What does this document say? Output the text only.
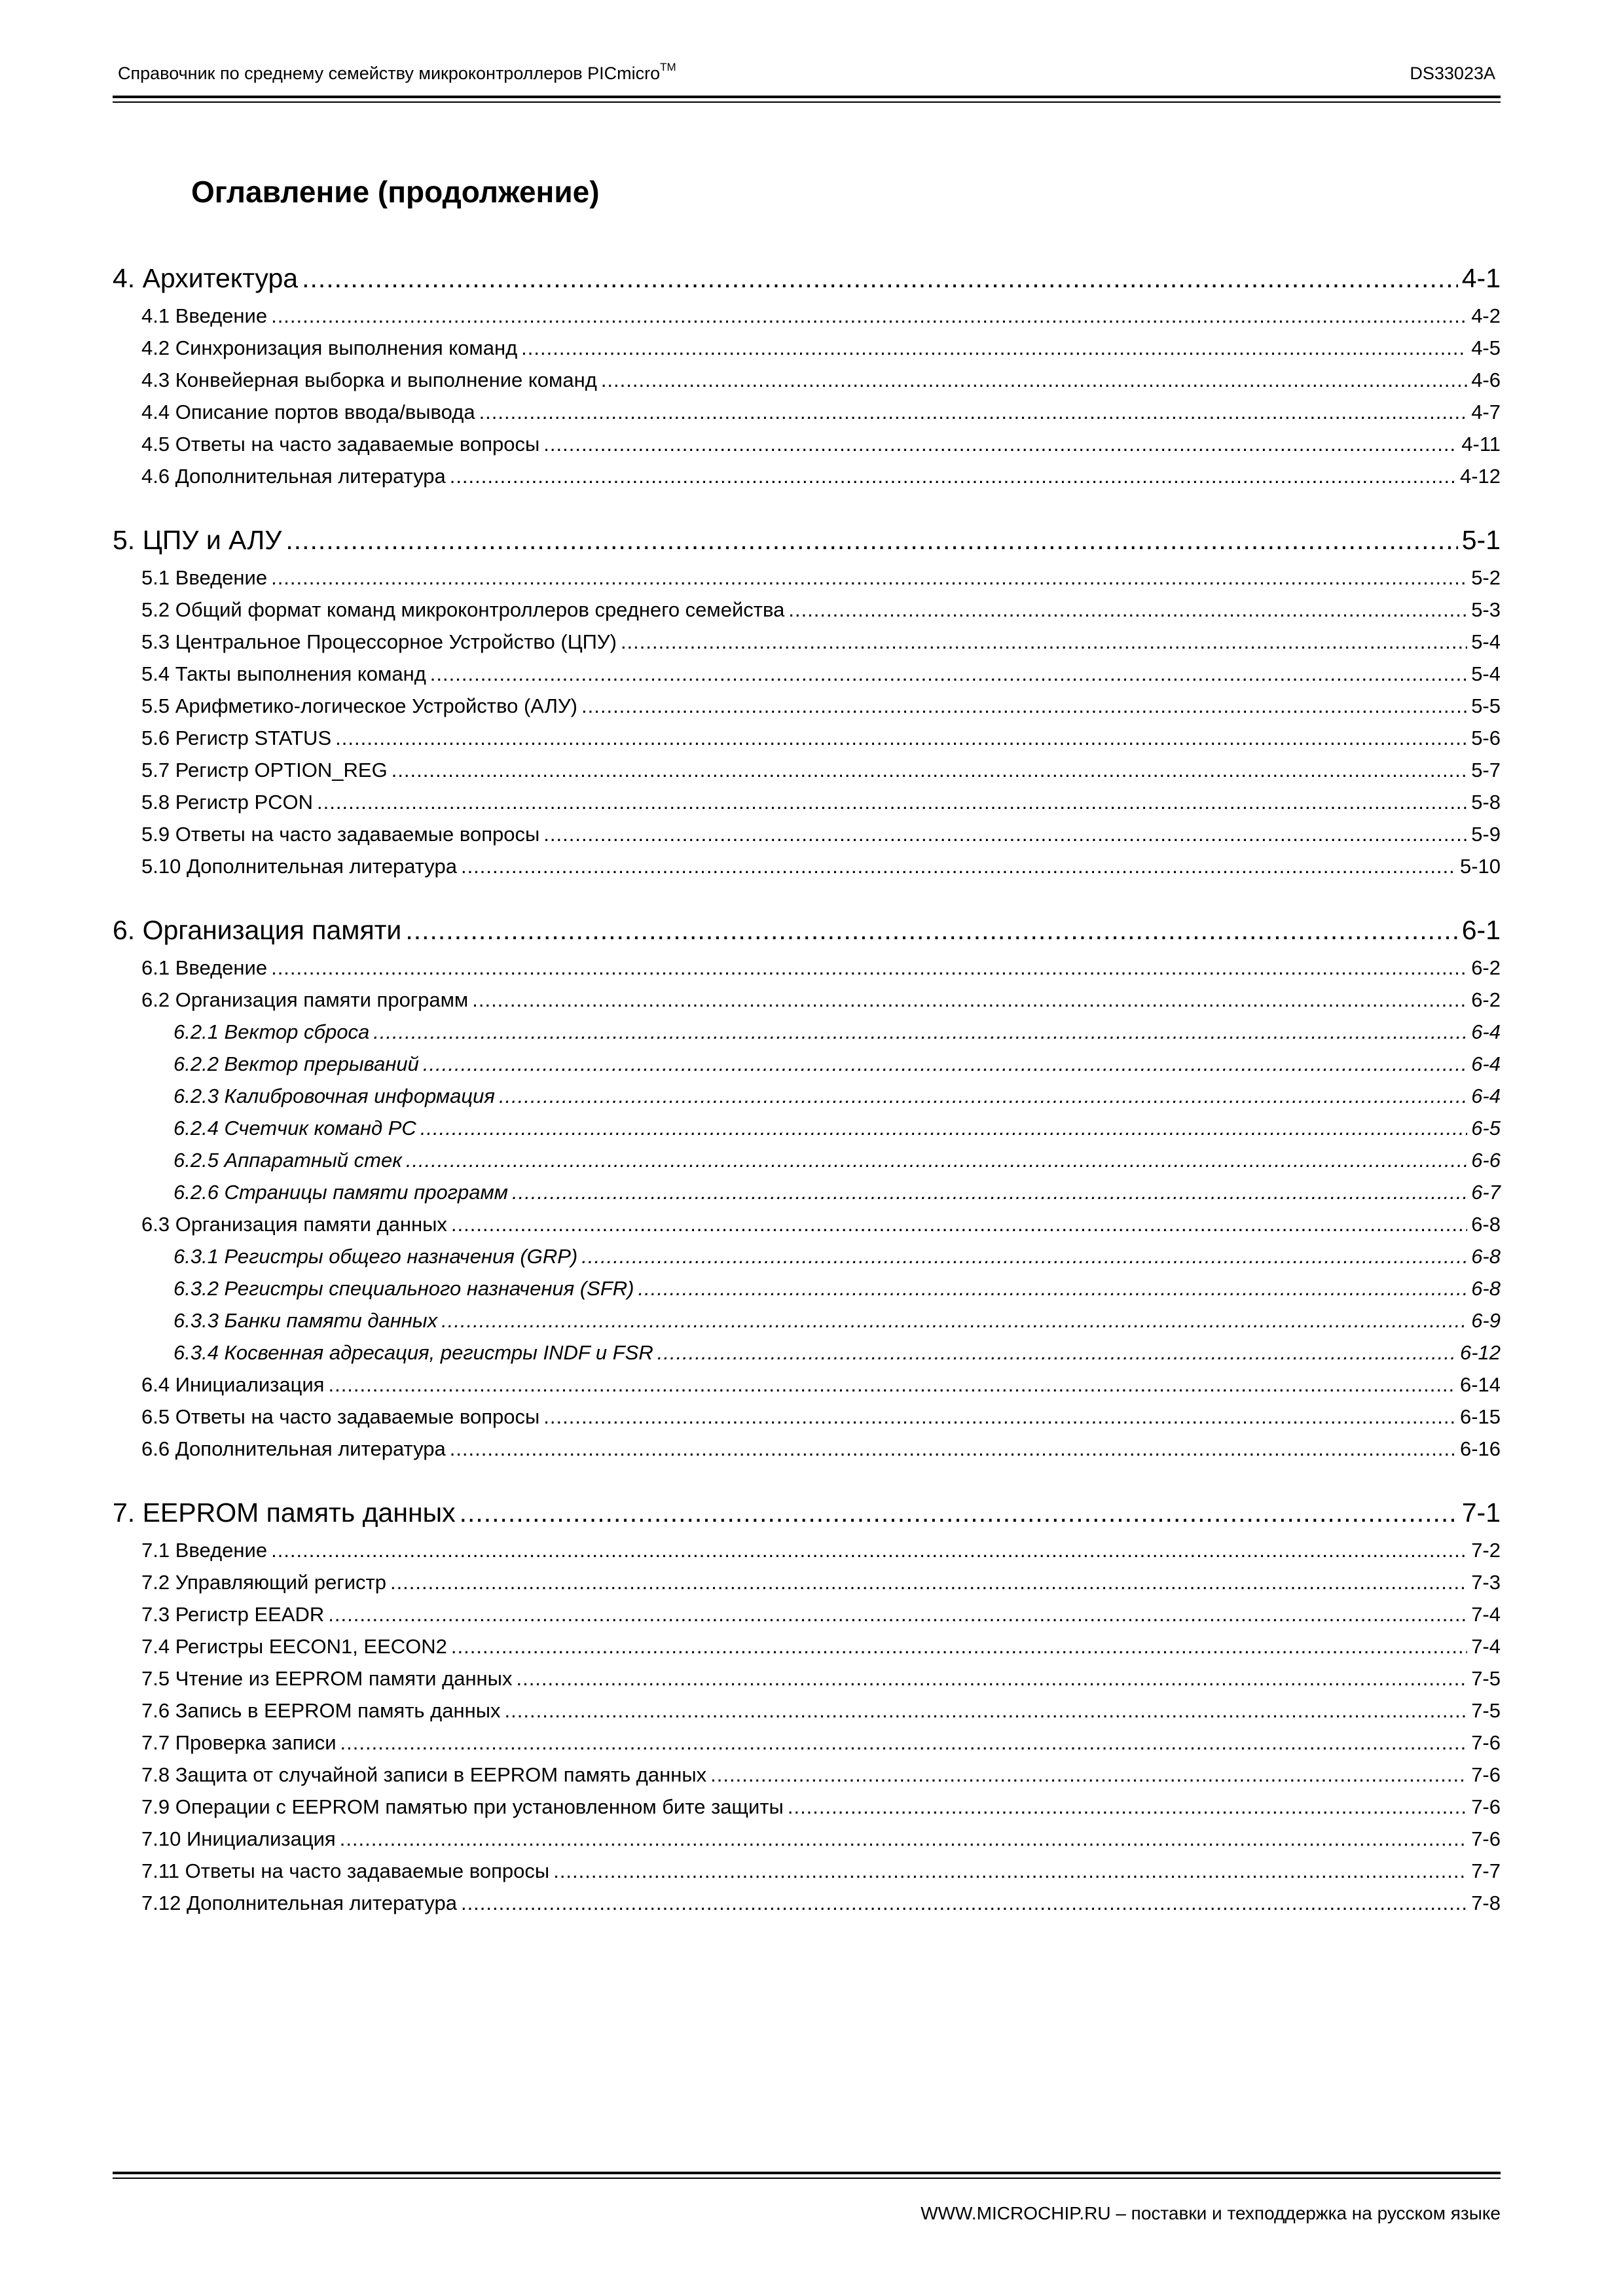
Справочник по среднему семейству микроконтроллеров PICmicro™	DS33023A
Оглавление (продолжение)
4. Архитектура .....	4-1
4.1 Введение .....	4-2
4.2 Синхронизация выполнения команд .....	4-5
4.3 Конвейерная выборка и выполнение команд .....	4-6
4.4 Описание портов ввода/вывода .....	4-7
4.5 Ответы на часто задаваемые вопросы .....	4-11
4.6 Дополнительная литература .....	4-12
5. ЦПУ и АЛУ .....	5-1
5.1 Введение .....	5-2
5.2 Общий формат команд микроконтроллеров среднего семейства .....	5-3
5.3 Центральное Процессорное Устройство (ЦПУ) .....	5-4
5.4 Такты выполнения команд .....	5-4
5.5 Арифметико-логическое Устройство (АЛУ) .....	5-5
5.6 Регистр STATUS .....	5-6
5.7 Регистр OPTION_REG .....	5-7
5.8 Регистр PCON .....	5-8
5.9 Ответы на часто задаваемые вопросы .....	5-9
5.10 Дополнительная литература .....	5-10
6. Организация памяти .....	6-1
6.1 Введение .....	6-2
6.2 Организация памяти программ .....	6-2
6.2.1 Вектор сброса .....	6-4
6.2.2 Вектор прерываний .....	6-4
6.2.3 Калибровочная информация .....	6-4
6.2.4 Счетчик команд PC .....	6-5
6.2.5 Аппаратный стек .....	6-6
6.2.6 Страницы памяти программ .....	6-7
6.3 Организация памяти данных .....	6-8
6.3.1 Регистры общего назначения (GRP) .....	6-8
6.3.2 Регистры специального назначения (SFR) .....	6-8
6.3.3 Банки памяти данных .....	6-9
6.3.4 Косвенная адресация, регистры INDF и FSR .....	6-12
6.4 Инициализация .....	6-14
6.5 Ответы на часто задаваемые вопросы .....	6-15
6.6 Дополнительная литература .....	6-16
7. EEPROM память данных .....	7-1
7.1 Введение .....	7-2
7.2 Управляющий регистр .....	7-3
7.3 Регистр EEADR .....	7-4
7.4 Регистры EECON1, EECON2 .....	7-4
7.5 Чтение из EEPROM памяти данных .....	7-5
7.6 Запись в EEPROM память данных .....	7-5
7.7 Проверка записи .....	7-6
7.8 Защита от случайной записи в EEPROM память данных .....	7-6
7.9 Операции с EEPROM памятью при установленном бите защиты .....	7-6
7.10 Инициализация .....	7-6
7.11 Ответы на часто задаваемые вопросы .....	7-7
7.12 Дополнительная литература .....	7-8
WWW.MICROCHIP.RU – поставки и техподдержка на русском языке
